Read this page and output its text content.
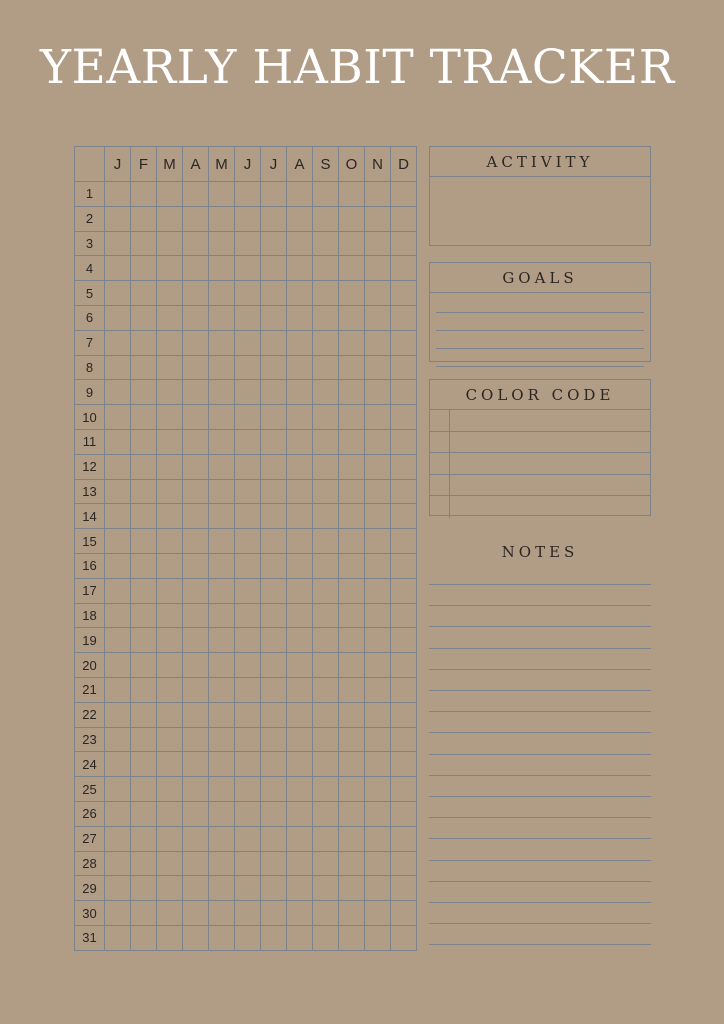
YEARLY HABIT TRACKER
	J	F	M	A	M	J	J	A	S	O	N	D
1												
2												
3												
4												
5												
6												
7												
8												
9												
10												
11												
12												
13												
14												
15												
16												
17												
18												
19												
20												
21												
22												
23												
24												
25												
26												
27												
28												
29												
30												
31												
ACTIVITY
GOALS
COLOR CODE
NOTES
